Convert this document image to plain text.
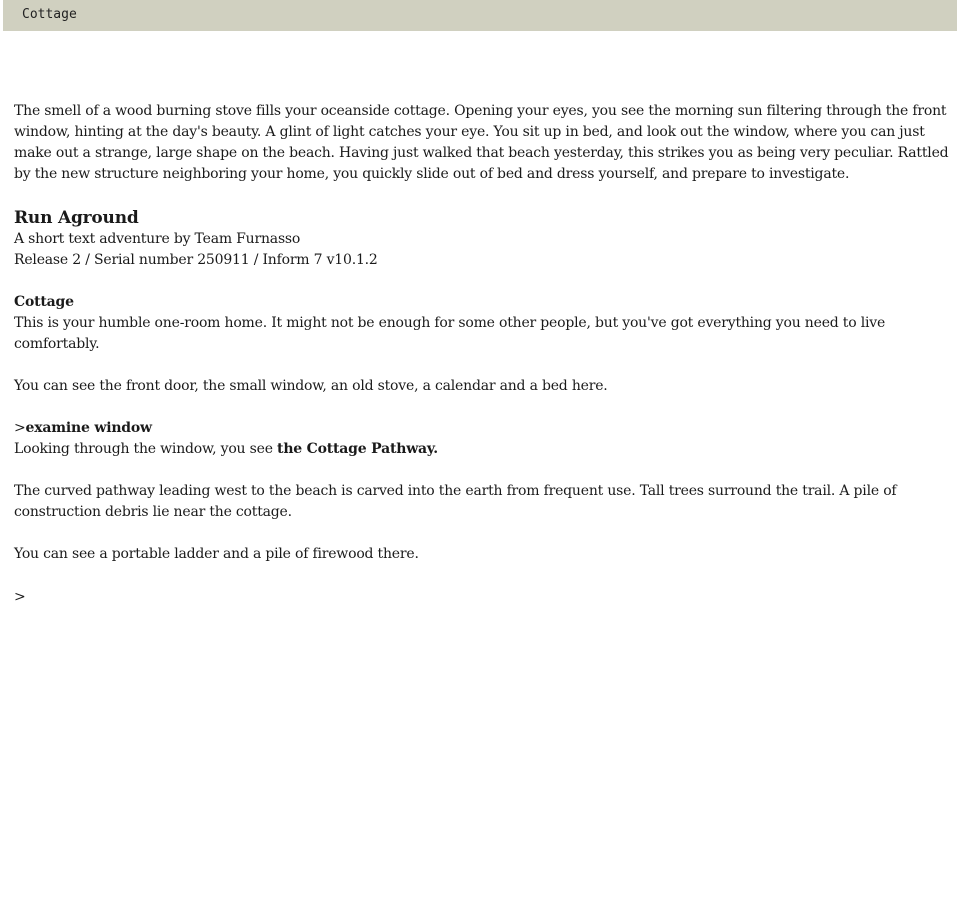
Cottage

The smell of a wood burning stove fills your oceanside cottage. Opening your eyes, you see the morning sun filtering through the front window, hinting at the day's beauty. A glint of light catches your eye. You sit up in bed, and look out the window, where you can just make out a strange, large shape on the beach. Having just walked that beach yesterday, this strikes you as being very peculiar. Rattled by the new structure neighboring your home, you quickly slide out of bed and dress yourself, and prepare to investigate.

Run Aground
A short text adventure by Team Furnasso
Release 2 / Serial number 250911 / Inform 7 v10.1.2
Cottage
This is your humble one-room home. It might not be enough for some other people, but you've got everything you need to live comfortably.

You can see the front door, the small window, an old stove, a calendar and a bed here.

>examine window
Looking through the window, you see the Cottage Pathway.

The curved pathway leading west to the beach is carved into the earth from frequent use. Tall trees surround the trail. A pile of construction debris lie near the cottage.

You can see a portable ladder and a pile of firewood there.

>
